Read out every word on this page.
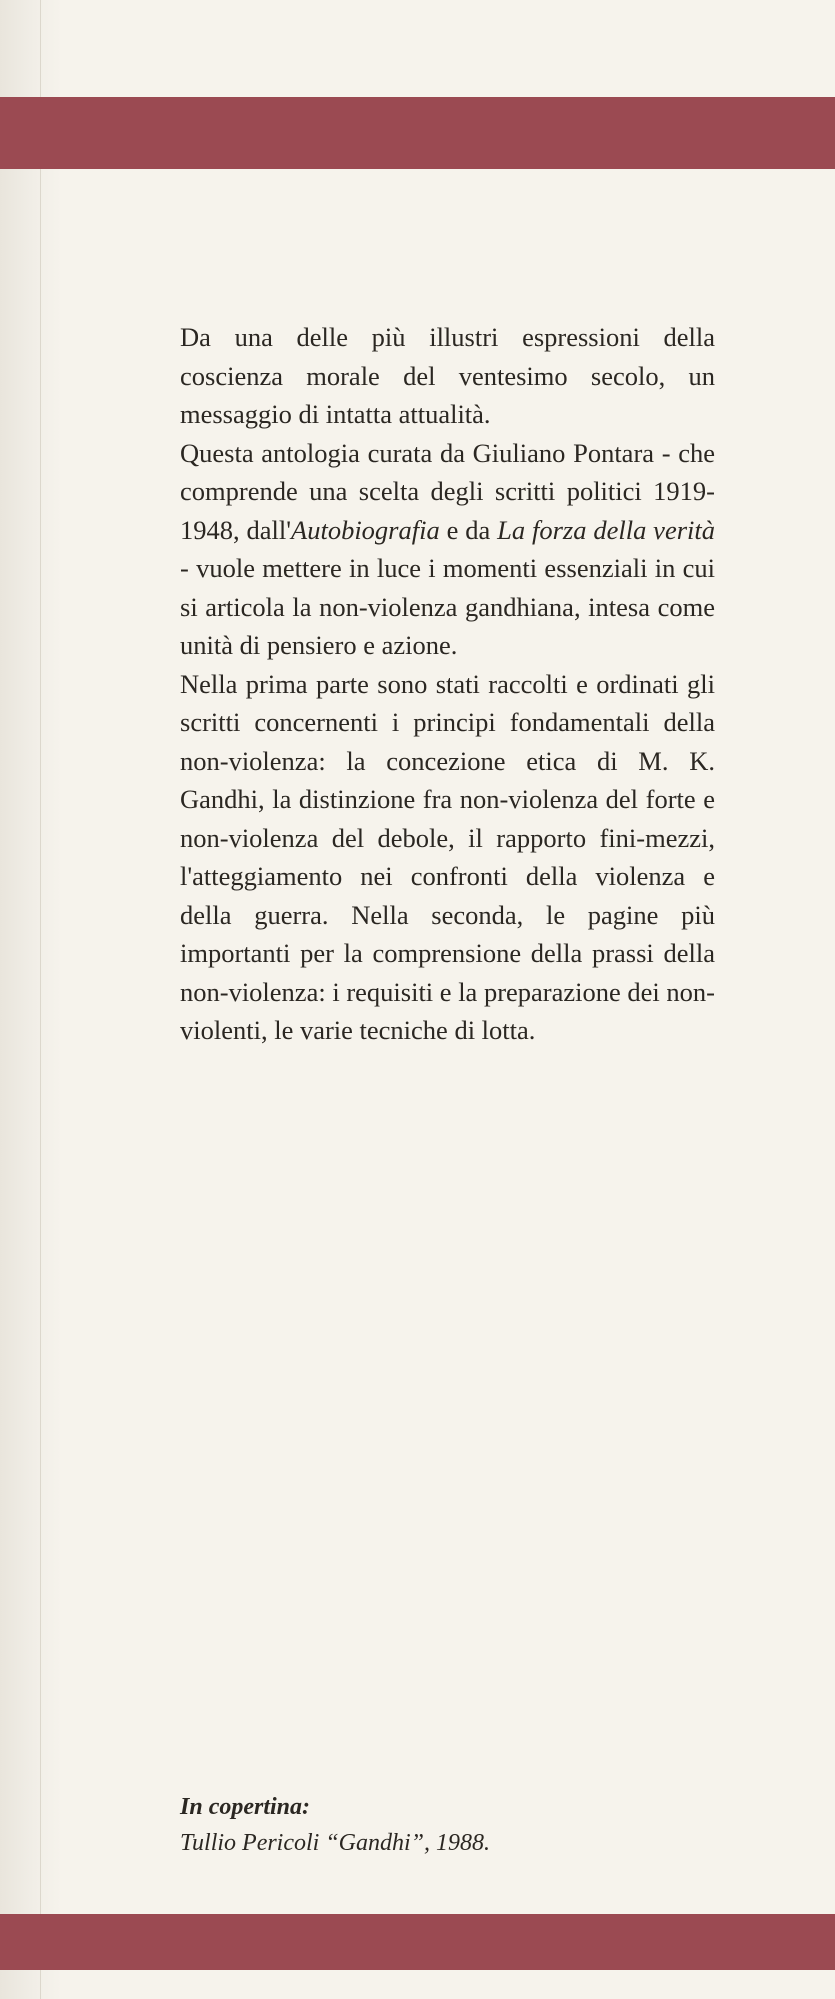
Da una delle più illustri espressioni della coscienza morale del ventesimo secolo, un messaggio di intatta attualità.

Questa antologia curata da Giuliano Pontara - che comprende una scelta degli scritti politici 1919-1948, dall'Autobiografia e da La forza della verità - vuole mettere in luce i momenti essenziali in cui si articola la non-violenza gandhiana, intesa come unità di pensiero e azione.

Nella prima parte sono stati raccolti e ordinati gli scritti concernenti i principi fondamentali della non-violenza: la concezione etica di M. K. Gandhi, la distinzione fra non-violenza del forte e non-violenza del debole, il rapporto fini-mezzi, l'atteggiamento nei confronti della violenza e della guerra. Nella seconda, le pagine più importanti per la comprensione della prassi della non-violenza: i requisiti e la preparazione dei non-violenti, le varie tecniche di lotta.

In copertina:
Tullio Pericoli “Gandhi”, 1988.
